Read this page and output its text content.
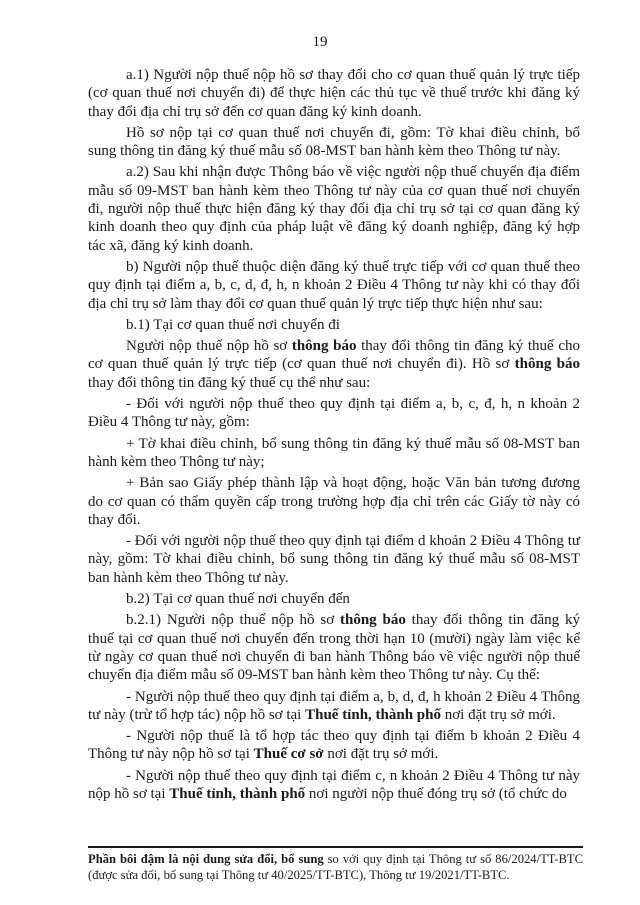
19

a.1) Người nộp thuế nộp hồ sơ thay đổi cho cơ quan thuế quản lý trực tiếp (cơ quan thuế nơi chuyển đi) để thực hiện các thủ tục về thuế trước khi đăng ký thay đổi địa chỉ trụ sở đến cơ quan đăng ký kinh doanh.

Hồ sơ nộp tại cơ quan thuế nơi chuyển đi, gồm: Tờ khai điều chỉnh, bổ sung thông tin đăng ký thuế mẫu số 08-MST ban hành kèm theo Thông tư này.

a.2) Sau khi nhận được Thông báo về việc người nộp thuế chuyển địa điểm mẫu số 09-MST ban hành kèm theo Thông tư này của cơ quan thuế nơi chuyển đi, người nộp thuế thực hiện đăng ký thay đổi địa chỉ trụ sở tại cơ quan đăng ký kinh doanh theo quy định của pháp luật về đăng ký doanh nghiệp, đăng ký hợp tác xã, đăng ký kinh doanh.

b) Người nộp thuế thuộc diện đăng ký thuế trực tiếp với cơ quan thuế theo quy định tại điểm a, b, c, d, đ, h, n khoản 2 Điều 4 Thông tư này khi có thay đổi địa chỉ trụ sở làm thay đổi cơ quan thuế quản lý trực tiếp thực hiện như sau:

b.1) Tại cơ quan thuế nơi chuyển đi

Người nộp thuế nộp hồ sơ thông báo thay đổi thông tin đăng ký thuế cho cơ quan thuế quản lý trực tiếp (cơ quan thuế nơi chuyển đi). Hồ sơ thông báo thay đổi thông tin đăng ký thuế cụ thể như sau:

- Đối với người nộp thuế theo quy định tại điểm a, b, c, đ, h, n khoản 2 Điều 4 Thông tư này, gồm:

+ Tờ khai điều chỉnh, bổ sung thông tin đăng ký thuế mẫu số 08-MST ban hành kèm theo Thông tư này;

+ Bản sao Giấy phép thành lập và hoạt động, hoặc Văn bản tương đương do cơ quan có thẩm quyền cấp trong trường hợp địa chỉ trên các Giấy tờ này có thay đổi.

- Đối với người nộp thuế theo quy định tại điểm d khoản 2 Điều 4 Thông tư này, gồm: Tờ khai điều chỉnh, bổ sung thông tin đăng ký thuế mẫu số 08-MST ban hành kèm theo Thông tư này.

b.2) Tại cơ quan thuế nơi chuyển đến

b.2.1) Người nộp thuế nộp hồ sơ thông báo thay đổi thông tin đăng ký thuế tại cơ quan thuế nơi chuyển đến trong thời hạn 10 (mười) ngày làm việc kể từ ngày cơ quan thuế nơi chuyển đi ban hành Thông báo về việc người nộp thuế chuyển địa điểm mẫu số 09-MST ban hành kèm theo Thông tư này. Cụ thể:

- Người nộp thuế theo quy định tại điểm a, b, d, đ, h khoản 2 Điều 4 Thông tư này (trừ tổ hợp tác) nộp hồ sơ tại Thuế tỉnh, thành phố nơi đặt trụ sở mới.

- Người nộp thuế là tổ hợp tác theo quy định tại điểm b khoản 2 Điều 4 Thông tư này nộp hồ sơ tại Thuế cơ sở nơi đặt trụ sở mới.

- Người nộp thuế theo quy định tại điểm c, n khoản 2 Điều 4 Thông tư này nộp hồ sơ tại Thuế tỉnh, thành phố nơi người nộp thuế đóng trụ sở (tổ chức do

Phần bôi đậm là nội dung sửa đổi, bổ sung so với quy định tại Thông tư số 86/2024/TT-BTC (được sửa đổi, bổ sung tại Thông tư 40/2025/TT-BTC), Thông tư 19/2021/TT-BTC.
